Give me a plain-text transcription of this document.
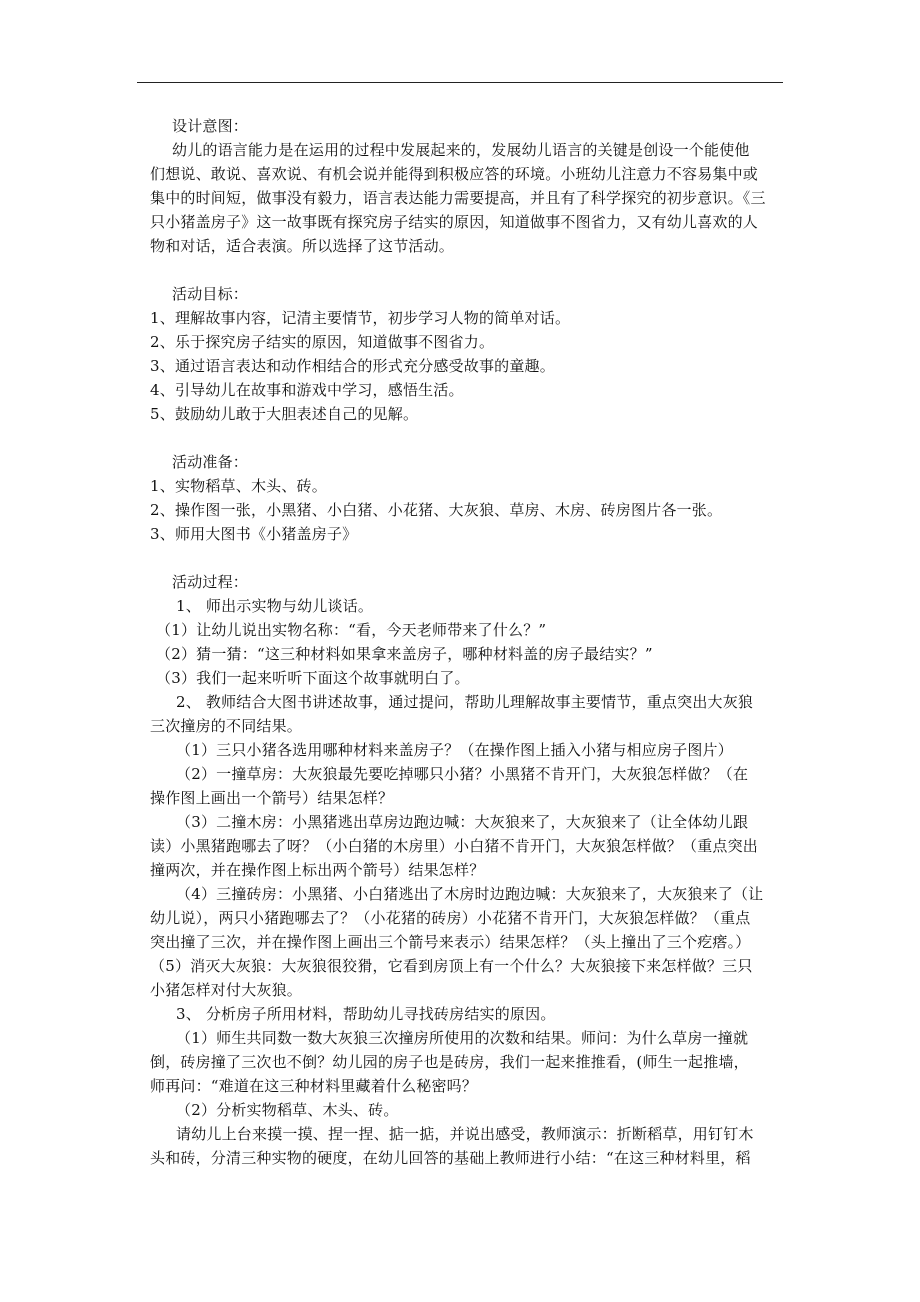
设计意图：
幼儿的语言能力是在运用的过程中发展起来的，发展幼儿语言的关键是创设一个能使他
们想说、敢说、喜欢说、有机会说并能得到积极应答的环境。小班幼儿注意力不容易集中或
集中的时间短，做事没有毅力，语言表达能力需要提高，并且有了科学探究的初步意识。《三
只小猪盖房子》这一故事既有探究房子结实的原因，知道做事不图省力，又有幼儿喜欢的人
物和对话，适合表演。所以选择了这节活动。
活动目标：
1、理解故事内容，记清主要情节，初步学习人物的简单对话。
2、乐于探究房子结实的原因，知道做事不图省力。
3、通过语言表达和动作相结合的形式充分感受故事的童趣。
4、引导幼儿在故事和游戏中学习，感悟生活。
5、鼓励幼儿敢于大胆表述自己的见解。
活动准备：
1、实物稻草、木头、砖。
2、操作图一张，小黑猪、小白猪、小花猪、大灰狼、草房、木房、砖房图片各一张。
3、师用大图书《小猪盖房子》
活动过程：
1、 师出示实物与幼儿谈话。
（1）让幼儿说出实物名称：“看，今天老师带来了什么？”
（2）猜一猜：“这三种材料如果拿来盖房子，哪种材料盖的房子最结实？”
（3）我们一起来听听下面这个故事就明白了。
2、 教师结合大图书讲述故事，通过提问，帮助儿理解故事主要情节，重点突出大灰狼
三次撞房的不同结果。
（1）三只小猪各选用哪种材料来盖房子？（在操作图上插入小猪与相应房子图片）
（2）一撞草房：大灰狼最先要吃掉哪只小猪？小黑猪不肯开门，大灰狼怎样做？（在
操作图上画出一个箭号）结果怎样？
（3）二撞木房：小黑猪逃出草房边跑边喊：大灰狼来了，大灰狼来了（让全体幼儿跟
读）小黑猪跑哪去了呀？（小白猪的木房里）小白猪不肯开门，大灰狼怎样做？（重点突出
撞两次，并在操作图上标出两个箭号）结果怎样？
（4）三撞砖房：小黑猪、小白猪逃出了木房时边跑边喊：大灰狼来了，大灰狼来了（让
幼儿说），两只小猪跑哪去了？（小花猪的砖房）小花猪不肯开门，大灰狼怎样做？（重点
突出撞了三次，并在操作图上画出三个箭号来表示）结果怎样？（头上撞出了三个疙瘩。）
（5）消灭大灰狼：大灰狼很狡猾，它看到房顶上有一个什么？大灰狼接下来怎样做？三只
小猪怎样对付大灰狼。
3、 分析房子所用材料，帮助幼儿寻找砖房结实的原因。
（1）师生共同数一数大灰狼三次撞房所使用的次数和结果。师问：为什么草房一撞就
倒，砖房撞了三次也不倒？幼儿园的房子也是砖房，我们一起来推推看，(师生一起推墙，
师再问：“难道在这三种材料里藏着什么秘密吗？
（2）分析实物稻草、木头、砖。
请幼儿上台来摸一摸、捏一捏、掂一掂，并说出感受，教师演示：折断稻草，用钉钉木
头和砖，分清三种实物的硬度，在幼儿回答的基础上教师进行小结：“在这三种材料里，稻
